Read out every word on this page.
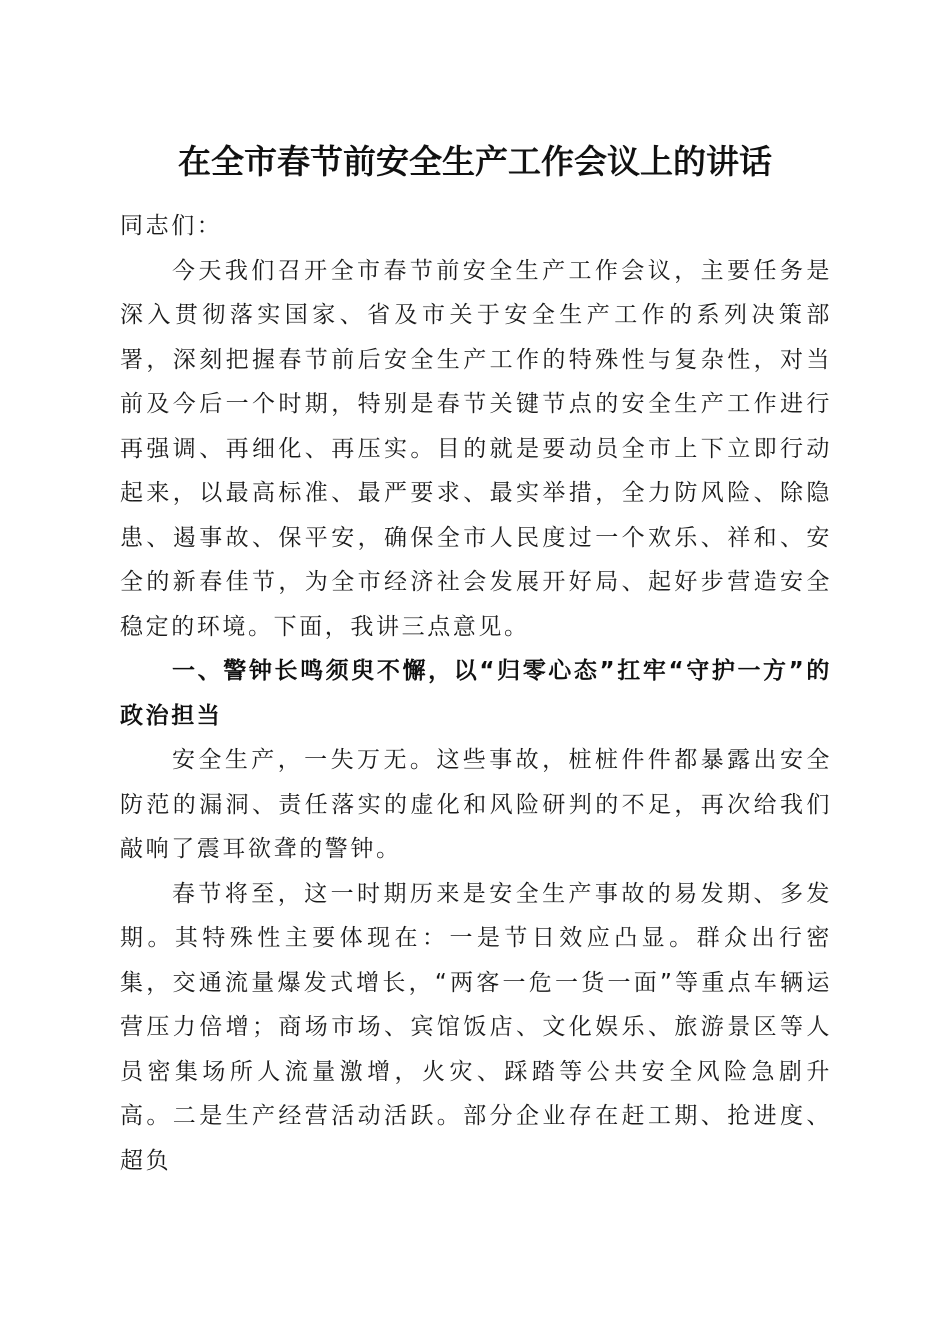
在全市春节前安全生产工作会议上的讲话

同志们：

今天我们召开全市春节前安全生产工作会议，主要任务是深入贯彻落实国家、省及市关于安全生产工作的系列决策部署，深刻把握春节前后安全生产工作的特殊性与复杂性，对当前及今后一个时期，特别是春节关键节点的安全生产工作进行再强调、再细化、再压实。目的就是要动员全市上下立即行动起来，以最高标准、最严要求、最实举措，全力防风险、除隐患、遏事故、保平安，确保全市人民度过一个欢乐、祥和、安全的新春佳节，为全市经济社会发展开好局、起好步营造安全稳定的环境。下面，我讲三点意见。

一、警钟长鸣须臾不懈，以“归零心态”扛牢“守护一方”的政治担当

安全生产，一失万无。这些事故，桩桩件件都暴露出安全防范的漏洞、责任落实的虚化和风险研判的不足，再次给我们敲响了震耳欲聋的警钟。

春节将至，这一时期历来是安全生产事故的易发期、多发期。其特殊性主要体现在：一是节日效应凸显。群众出行密集，交通流量爆发式增长，“两客一危一货一面”等重点车辆运营压力倍增；商场市场、宾馆饭店、文化娱乐、旅游景区等人员密集场所人流量激增，火灾、踩踏等公共安全风险急剧升高。二是生产经营活动活跃。部分企业存在赶工期、抢进度、超负
